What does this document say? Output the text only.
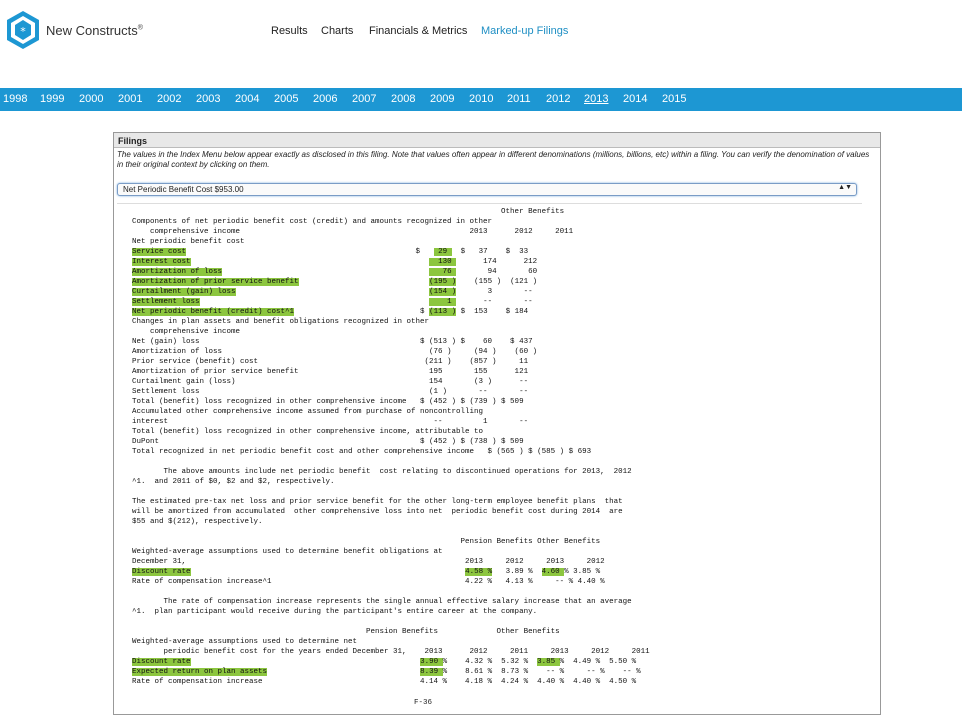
* New Constructs®	Results Charts Financials & Metrics Marked-up Filings
1998 1999 2000 2001 2002 2003 2004 2005 2006 2007 2008 2009 2010 2011 2012 2013 2014 2015
Filings
The values in the Index Menu below appear exactly as disclosed in this filing. Note that values often appear in different denominations (millions, billions, etc) within a filing. You can verify the denomination of values in their original context by clicking on them.
Net Periodic Benefit Cost $953.00	▲▼
Other Benefits
Components of net periodic benefit cost (credit) and amounts recognized in other
comprehensive income                                                   2013      2012     2011
Net periodic benefit cost
Service cost                                                   $    29   $   37    $  33
Interest cost	130       174      212
Amortization of loss	76        94       60
Amortization of prior service benefit	(195 )    (155 )  (121 )
Curtailment (gain) loss	(154 )       3       --
Settlement loss	1       --       --
Net periodic benefit (credit) cost^1                            $ (113 ) $  153    $ 184
Changes in plan assets and benefit obligations recognized in other
comprehensive income
Net (gain) loss                                                 $ (513 ) $    60    $ 437
Amortization of loss                                              (76 )     (94 )    (60 )
Prior service (benefit) cost                                     (211 )    (857 )     11
Amortization of prior service benefit                             195       155      121
Curtailment gain (loss)                                           154       (3 )      --
Settlement loss                                                   (1 )       --       --
Total (benefit) loss recognized in other comprehensive income   $ (452 ) $ (739 ) $ 509
Accumulated other comprehensive income assumed from purchase of noncontrolling
interest                                                           --         1       --
Total (benefit) loss recognized in other comprehensive income, attributable to
DuPont                                                          $ (452 ) $ (738 ) $ 509
Total recognized in net periodic benefit cost and other comprehensive income   $ (565 ) $ (585 ) $ 693
The above amounts include net periodic benefit  cost relating to discontinued operations for 2013,  2012
^1.  and 2011 of $0, $2 and $2, respectively.
The estimated pre-tax net loss and prior service benefit for the other long-term employee benefit plans  that
will be amortized from accumulated  other comprehensive loss into net  periodic benefit cost during 2014  are
$55 and $(212), respectively.
Pension Benefits Other Benefits
Weighted-average assumptions used to determine benefit obligations at
December 31,                                                              2013     2012     2013     2012
Discount rate	4.58 %   3.89 %  4.60 % 3.85 %
Rate of compensation increase^1                                           4.22 %   4.13 %     -- % 4.40 %
The rate of compensation increase represents the single annual effective salary increase that an average
^1.  plan participant would receive during the participant's entire career at the company.
Pension Benefits             Other Benefits
Weighted-average assumptions used to determine net
periodic benefit cost for the years ended December 31,    2013      2012     2011     2013     2012     2011
Discount rate	3.90 %    4.32 %  5.32 %  3.85 %  4.49 %  5.50 %
Expected return on plan assets	8.39 %    8.61 %  8.73 %    -- %     -- %    -- %
Rate of compensation increase                                   4.14 %    4.18 %  4.24 %  4.40 %  4.40 %  4.50 %
F-36
